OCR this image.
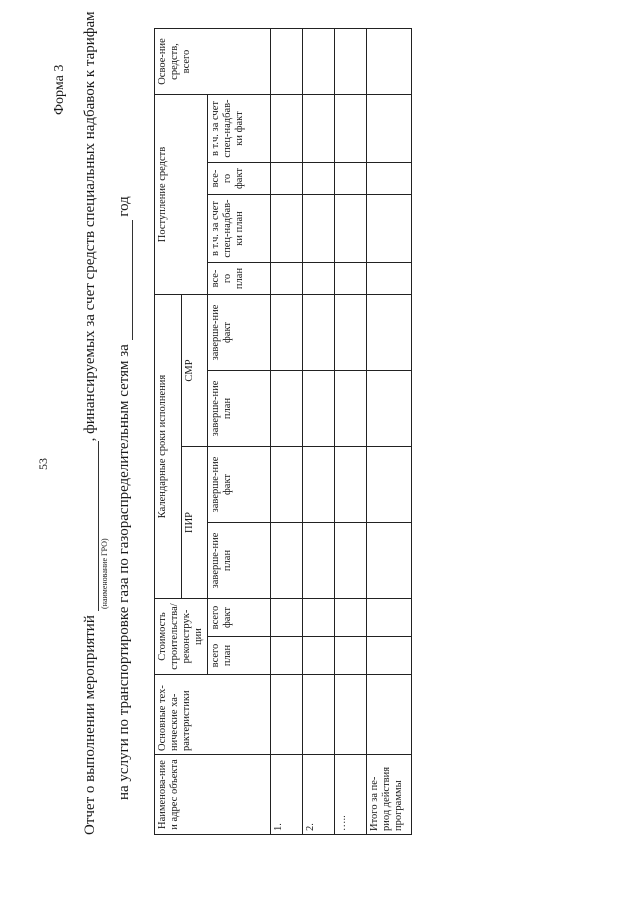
53
Форма 3
Отчет о выполнении мероприятий , финансируемых за счет средств специальных надбавок к тарифам
(наименование ГРО) на услуги по транспортировке газа по газораспределительным сетям за  год
Наименова-ние и адрес объекта	Основные тех-нические ха-рактеристики	Стоимость строительства/ реконструк-ции		Календарные сроки исполнения				Поступление средств				Освое-ние средств, всего
				ПИР		СМР						
		всего план	всего факт	заверше-ние план	заверше-ние факт	заверше-ние план	заверше-ние факт	все-го план	в т.ч. за счет спец-надбав-ки план	все-го факт	в т.ч. за счет спец-надбав-ки факт	
1.												
2.												
…..												
Итого за пе-риод действия программы												
